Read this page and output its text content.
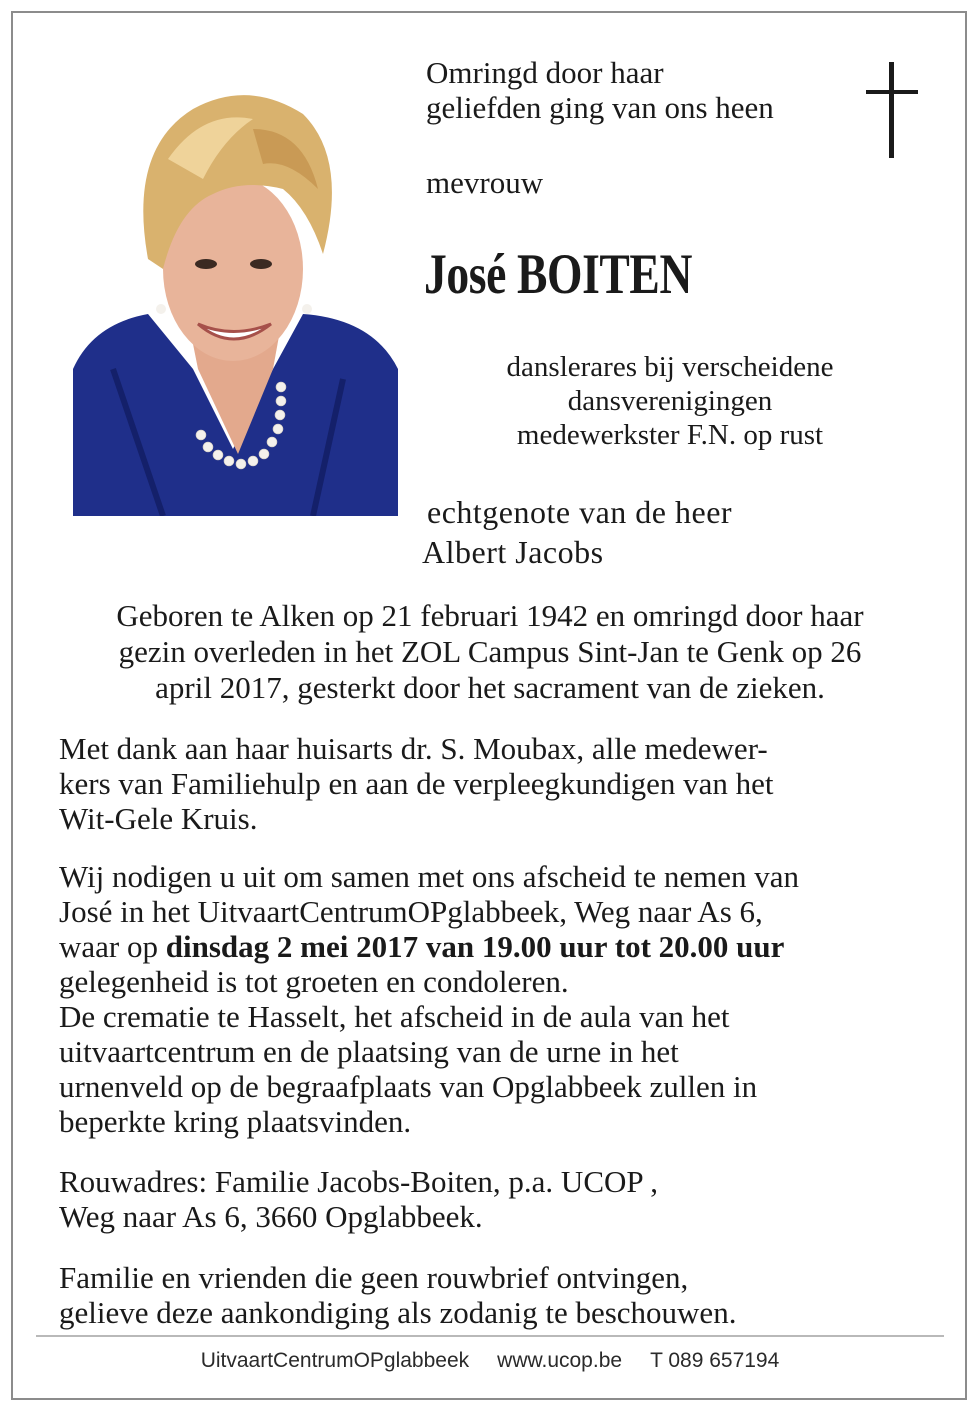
Omringd door haar
geliefden ging van ons heen

mevrouw

José BOITEN

danslerares bij verscheidene
dansverenigingen
medewerkster F.N. op rust

echtgenote van de heer

Albert Jacobs

Geboren te Alken op 21 februari 1942 en omringd door haar
gezin overleden in het ZOL Campus Sint-Jan te Genk op 26
april 2017, gesterkt door het sacrament van de zieken.

Met dank aan haar huisarts dr. S. Moubax, alle medewer-

kers van Familiehulp en aan de verpleegkundigen van het

Wit-Gele Kruis.

Wij nodigen u uit om samen met ons afscheid te nemen van

José in het UitvaartCentrumOPglabbeek, Weg naar As 6,

waar op dinsdag 2 mei 2017 van 19.00 uur tot 20.00 uur

gelegenheid is tot groeten en condoleren.

De crematie te Hasselt, het afscheid in de aula van het

uitvaartcentrum en de plaatsing van de urne in het

urnenveld op de begraafplaats van Opglabbeek zullen in

beperkte kring plaatsvinden.

Rouwadres: Familie Jacobs-Boiten, p.a. UCOP ,

Weg naar As 6, 3660 Opglabbeek.

Familie en vrienden die geen rouwbrief ontvingen,

gelieve deze aankondiging als zodanig te beschouwen.

UitvaartCentrumOPglabbeek www.ucop.be T 089 657194
